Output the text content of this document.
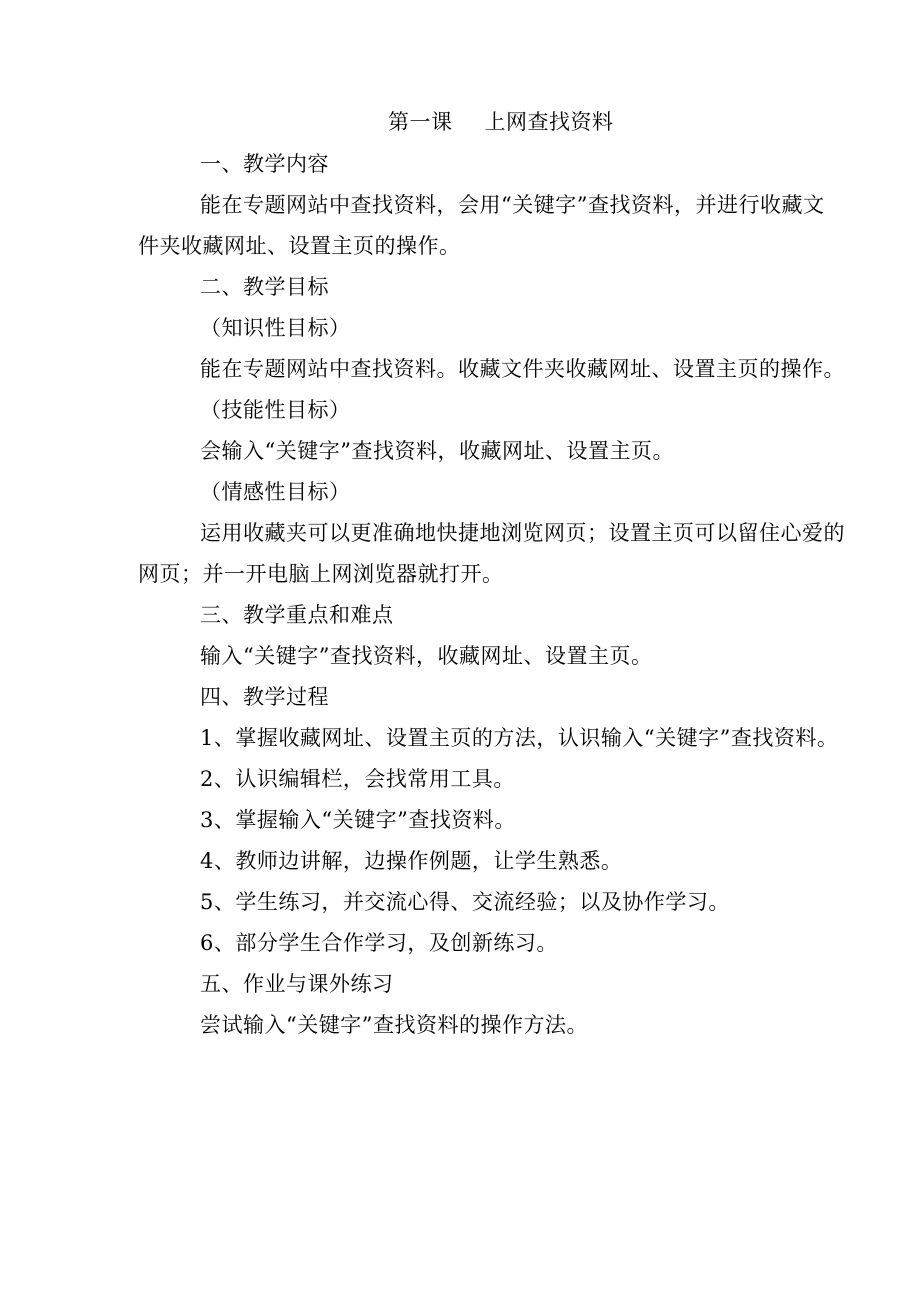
第一课 上网查找资料
一、教学内容
能在专题网站中查找资料，会用“关键字”查找资料，并进行收藏文
件夹收藏网址、设置主页的操作。
二、教学目标
（知识性目标）
能在专题网站中查找资料。收藏文件夹收藏网址、设置主页的操作。
（技能性目标）
会输入“关键字”查找资料，收藏网址、设置主页。
（情感性目标）
运用收藏夹可以更准确地快捷地浏览网页；设置主页可以留住心爱的
网页；并一开电脑上网浏览器就打开。
三、教学重点和难点
输入“关键字”查找资料，收藏网址、设置主页。
四、教学过程
1、掌握收藏网址、设置主页的方法，认识输入“关键字”查找资料。
2、认识编辑栏，会找常用工具。
3、掌握输入“关键字”查找资料。
4、教师边讲解，边操作例题，让学生熟悉。
5、学生练习，并交流心得、交流经验；以及协作学习。
6、部分学生合作学习，及创新练习。
五、作业与课外练习
尝试输入“关键字”查找资料的操作方法。
